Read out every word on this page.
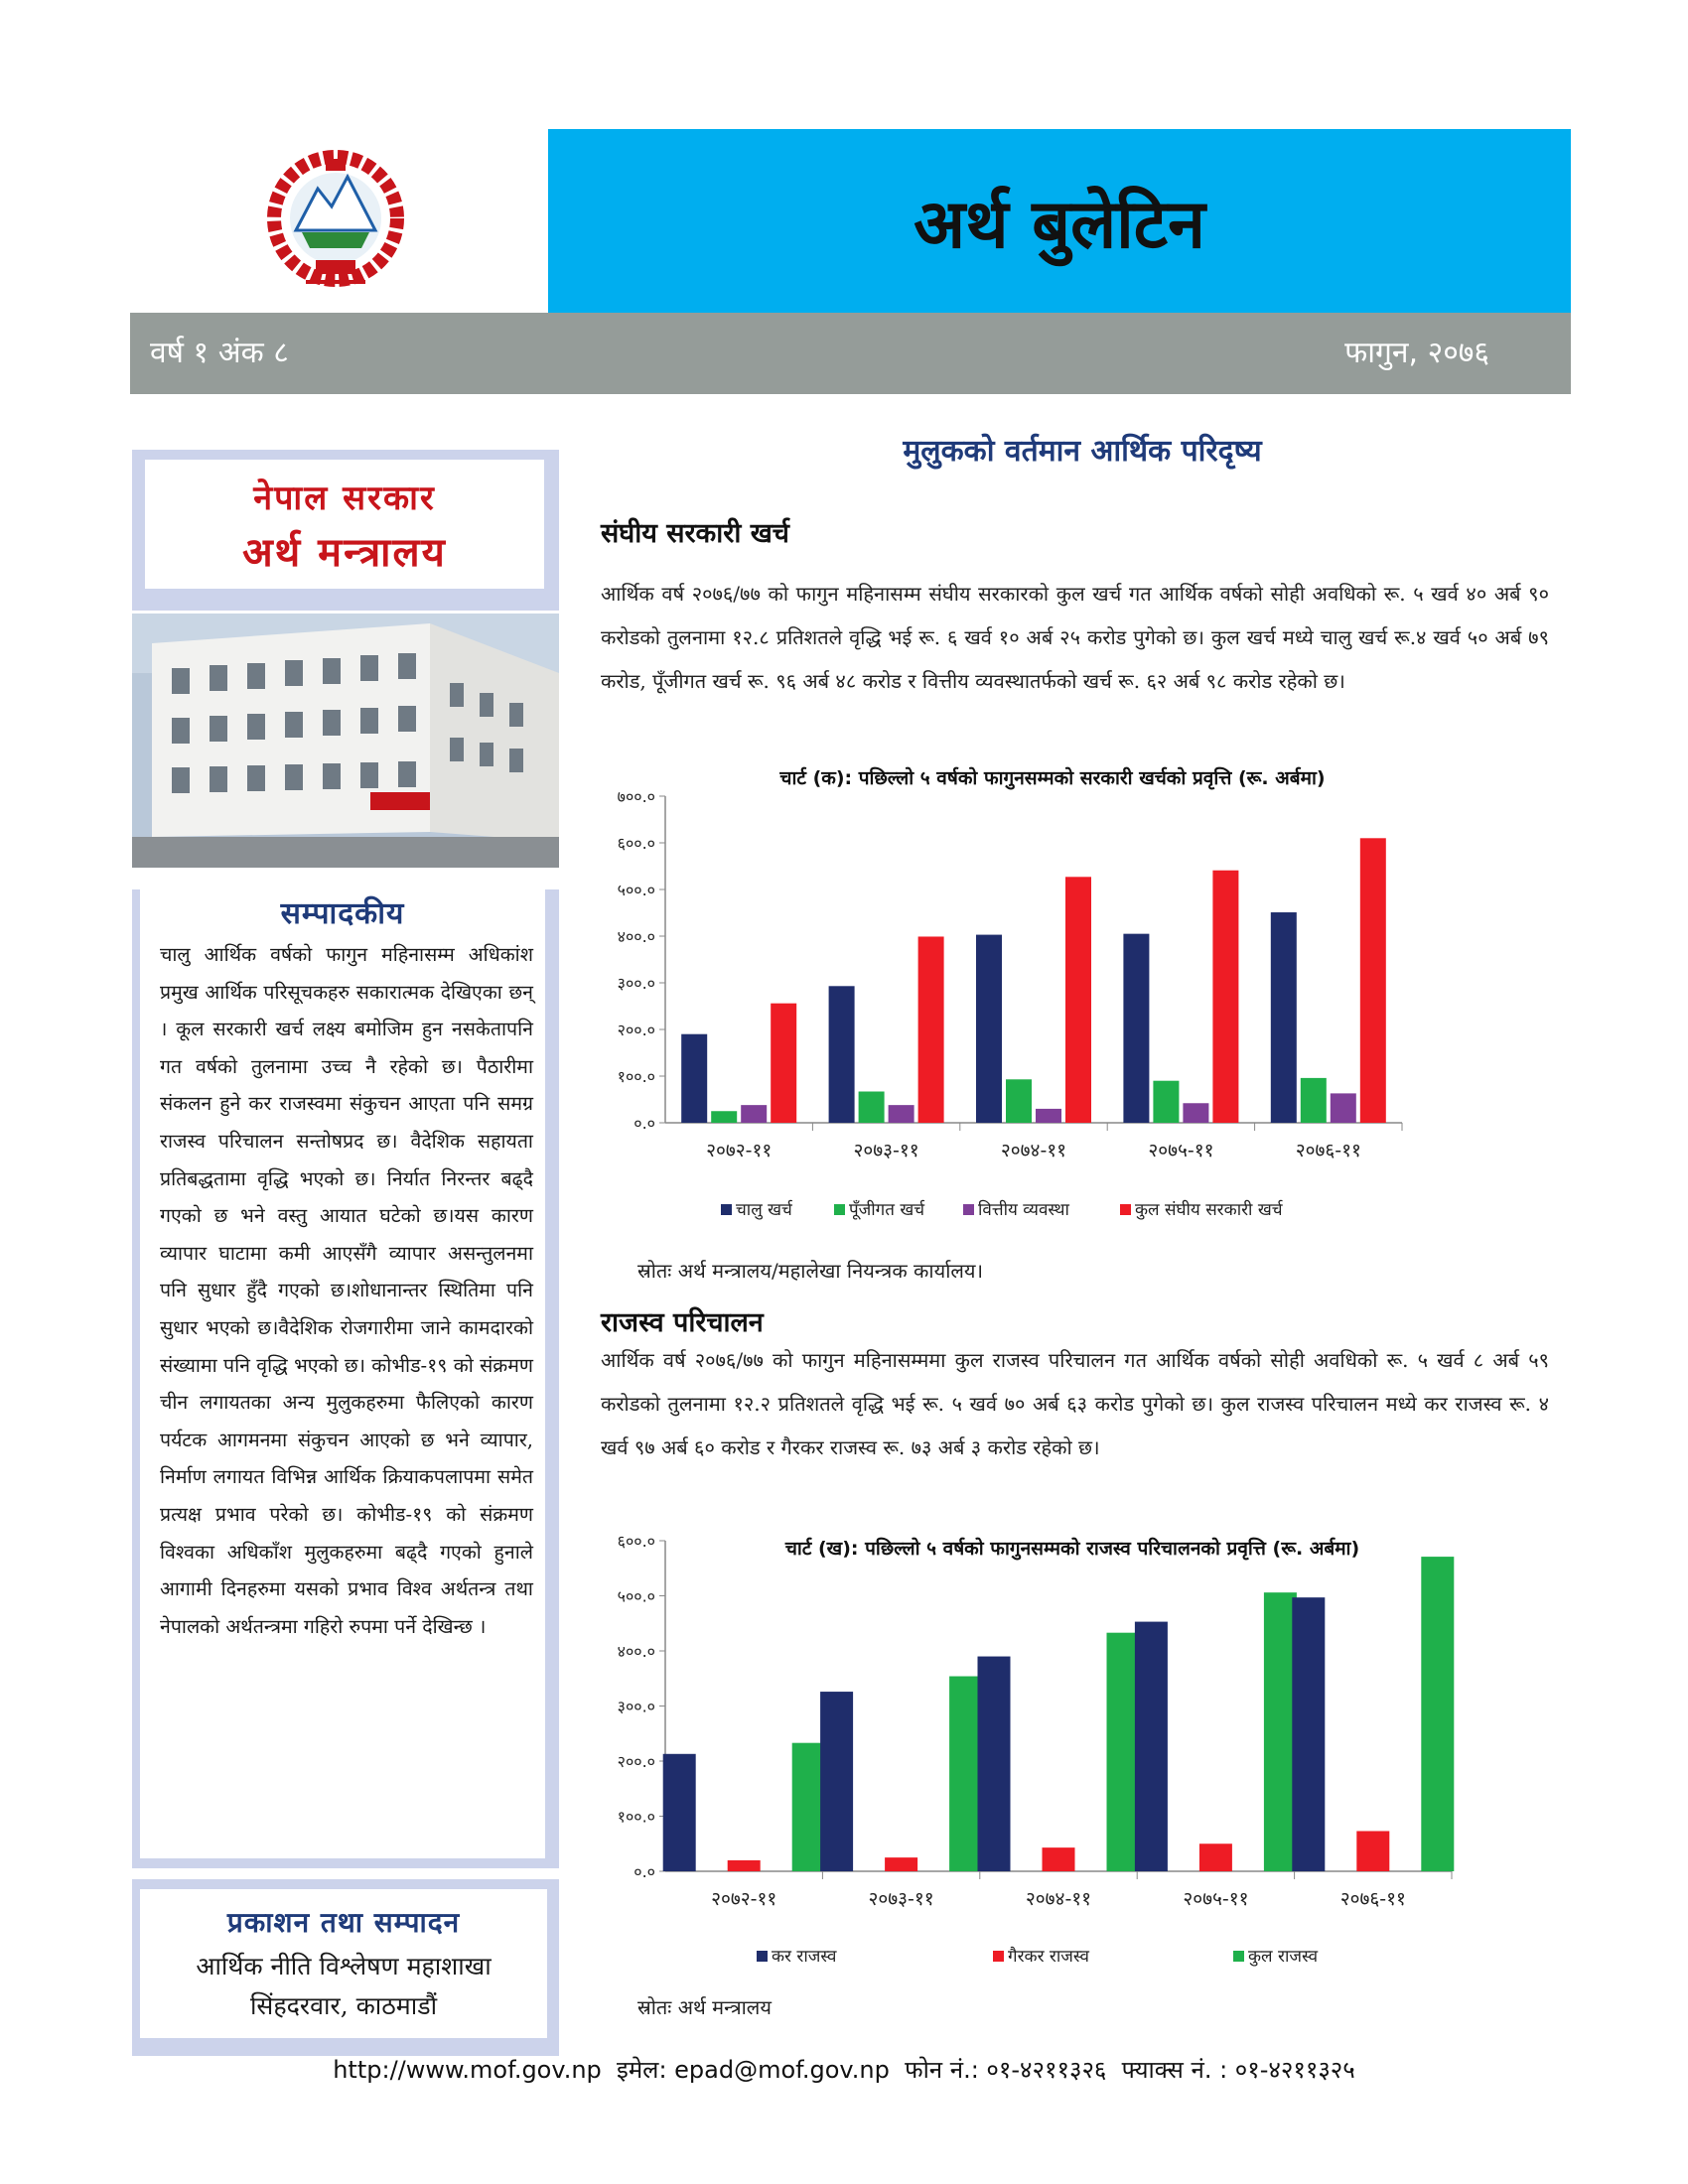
अर्थ बुलेटिन
वर्ष १ अंक ८	फागुन, २०७६
नेपाल सरकार
अर्थ मन्त्रालय
सम्पादकीय
चालु आर्थिक वर्षको फागुन महिनासम्म अधिकांश प्रमुख आर्थिक परिसूचकहरु सकारात्मक देखिएका छन् । कूल सरकारी खर्च लक्ष्य बमोजिम हुन नसकेतापनि गत वर्षको तुलनामा उच्च नै रहेको छ। पैठारीमा संकलन हुने कर राजस्वमा संकुचन आएता पनि समग्र राजस्व परिचालन सन्तोषप्रद छ। वैदेशिक सहायता प्रतिबद्धतामा वृद्धि भएको छ। निर्यात निरन्तर बढ्दै गएको छ भने वस्तु आयात घटेको छ।यस कारण व्यापार घाटामा कमी आएसँगै व्यापार असन्तुलनमा पनि सुधार हुँदै गएको छ।शोधानान्तर स्थितिमा पनि सुधार भएको छ।वैदेशिक रोजगारीमा जाने कामदारको संख्यामा पनि वृद्धि भएको छ। कोभीड-१९ को संक्रमण चीन लगायतका अन्य मुलुकहरुमा फैलिएको कारण पर्यटक आगमनमा संकुचन आएको छ भने व्यापार, निर्माण लगायत विभिन्न आर्थिक क्रियाकपलापमा समेत प्रत्यक्ष प्रभाव परेको छ। कोभीड-१९ को संक्रमण विश्वका अधिकाँश मुलुकहरुमा बढ्दै गएको हुनाले आगामी दिनहरुमा यसको प्रभाव विश्व अर्थतन्त्र तथा नेपालको अर्थतन्त्रमा गहिरो रुपमा पर्ने देखिन्छ ।
प्रकाशन तथा सम्पादन
आर्थिक नीति विश्लेषण महाशाखा
सिंहदरवार, काठमाडौं
मुलुकको वर्तमान आर्थिक परिदृष्य
संघीय सरकारी खर्च
आर्थिक वर्ष २०७६/७७ को फागुन महिनासम्म संघीय सरकारको कुल खर्च गत आर्थिक वर्षको सोही अवधिको रू. ५ खर्व ४० अर्ब ९० करोडको तुलनामा १२.८ प्रतिशतले वृद्धि भई रू. ६ खर्व १० अर्ब २५ करोड पुगेको छ। कुल खर्च मध्ये चालु खर्च रू.४ खर्व ५० अर्ब ७९ करोड, पूँजीगत खर्च रू. ९६ अर्ब ४८ करोड र वित्तीय व्यवस्थातर्फको खर्च रू. ६२ अर्ब ९८ करोड रहेको छ।
चार्ट (क): पछिल्लो ५ वर्षको फागुनसम्मको सरकारी खर्चको प्रवृत्ति (रू. अर्बमा)
०.०
१००.०
२००.०
३००.०
४००.०
५००.०
६००.०
७००.०
२०७२-११	२०७३-११	२०७४-११	२०७५-११	२०७६-११
चालु खर्च	पूँजीगत खर्च	वित्तीय व्यवस्था	कुल संघीय सरकारी खर्च
स्रोतः अर्थ मन्त्रालय/महालेखा नियन्त्रक कार्यालय।
राजस्व परिचालन
आर्थिक वर्ष २०७६/७७ को फागुन महिनासम्ममा कुल राजस्व परिचालन गत आर्थिक वर्षको सोही अवधिको रू. ५ खर्व ८ अर्ब ५९ करोडको तुलनामा १२.२ प्रतिशतले वृद्धि भई रू. ५ खर्व ७० अर्ब ६३ करोड पुगेको छ। कुल राजस्व परिचालन मध्ये कर राजस्व रू. ४ खर्व ९७ अर्ब ६० करोड र गैरकर राजस्व रू. ७३ अर्ब ३ करोड रहेको छ।
चार्ट (ख): पछिल्लो ५ वर्षको फागुनसम्मको राजस्व परिचालनको प्रवृत्ति (रू. अर्बमा)
०.०
१००.०
२००.०
३००.०
४००.०
५००.०
६००.०
२०७२-११	२०७३-११	२०७४-११	२०७५-११	२०७६-११
कर राजस्व	गैरकर राजस्व	कुल राजस्व
स्रोतः अर्थ मन्त्रालय
http://www.mof.gov.np  इमेल: epad@mof.gov.np  फोन नं.: ०१-४२११३२६  फ्याक्स नं. : ०१-४२११३२५
